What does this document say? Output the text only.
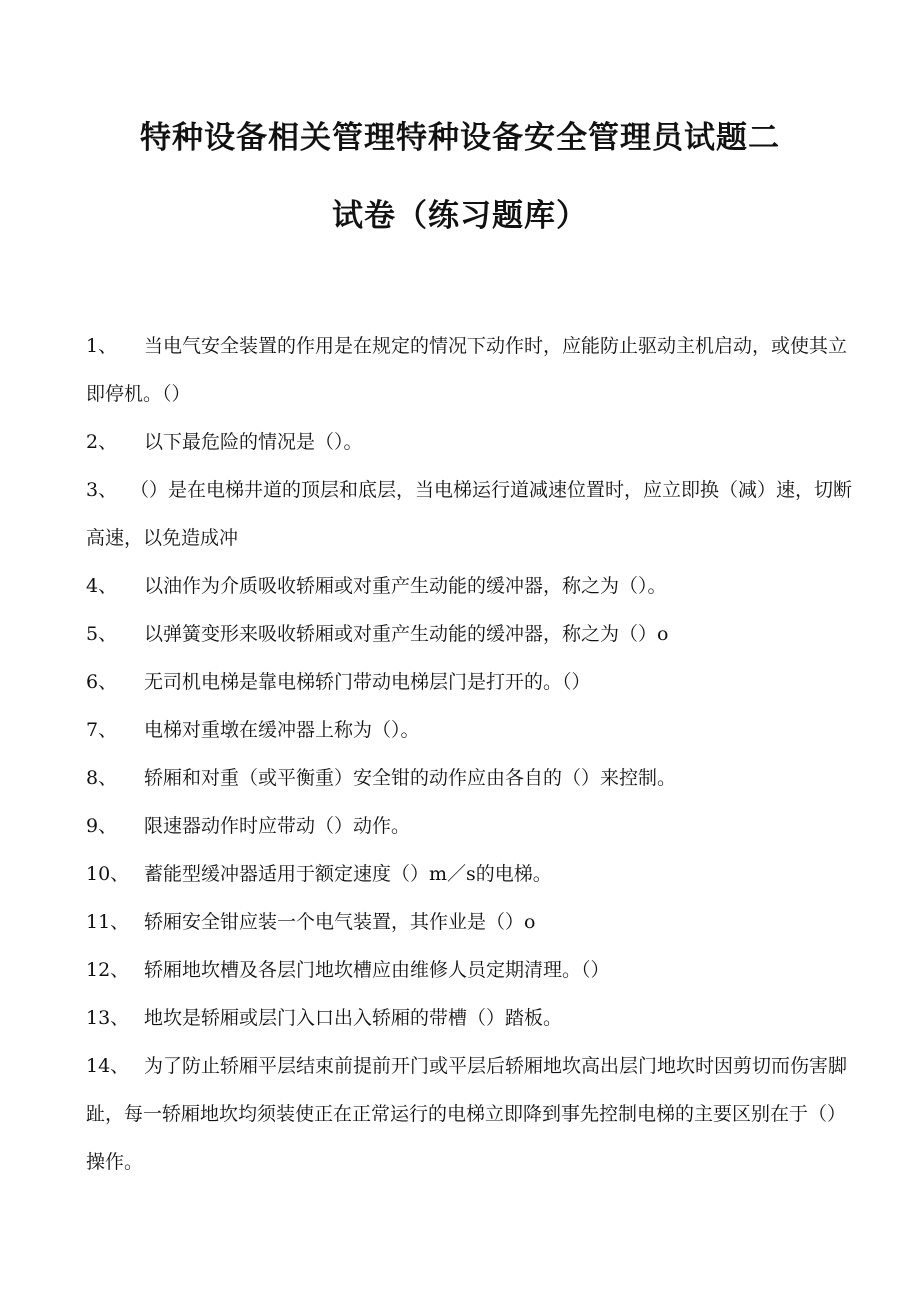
特种设备相关管理特种设备安全管理员试题二
试卷（练习题库）

1、 当电气安全装置的作用是在规定的情况下动作时，应能防止驱动主机启动，或使其立即停机。（）

2、 以下最危险的情况是（）。

3、 （）是在电梯井道的顶层和底层，当电梯运行道减速位置时，应立即换（减）速，切断高速，以免造成冲

4、 以油作为介质吸收轿厢或对重产生动能的缓冲器，称之为（）。

5、 以弹簧变形来吸收轿厢或对重产生动能的缓冲器，称之为（）o

6、 无司机电梯是靠电梯轿门带动电梯层门是打开的。（）

7、 电梯对重墩在缓冲器上称为（）。

8、 轿厢和对重（或平衡重）安全钳的动作应由各自的（）来控制。

9、 限速器动作时应带动（）动作。

10、 蓄能型缓冲器适用于额定速度（）m／s的电梯。

11、 轿厢安全钳应装一个电气装置，其作业是（）o

12、 轿厢地坎槽及各层门地坎槽应由维修人员定期清理。（）

13、 地坎是轿厢或层门入口出入轿厢的带槽（）踏板。

14、 为了防止轿厢平层结束前提前开门或平层后轿厢地坎高出层门地坎时因剪切而伤害脚趾，每一轿厢地坎均须装使正在正常运行的电梯立即降到事先控制电梯的主要区别在于（）操作。
